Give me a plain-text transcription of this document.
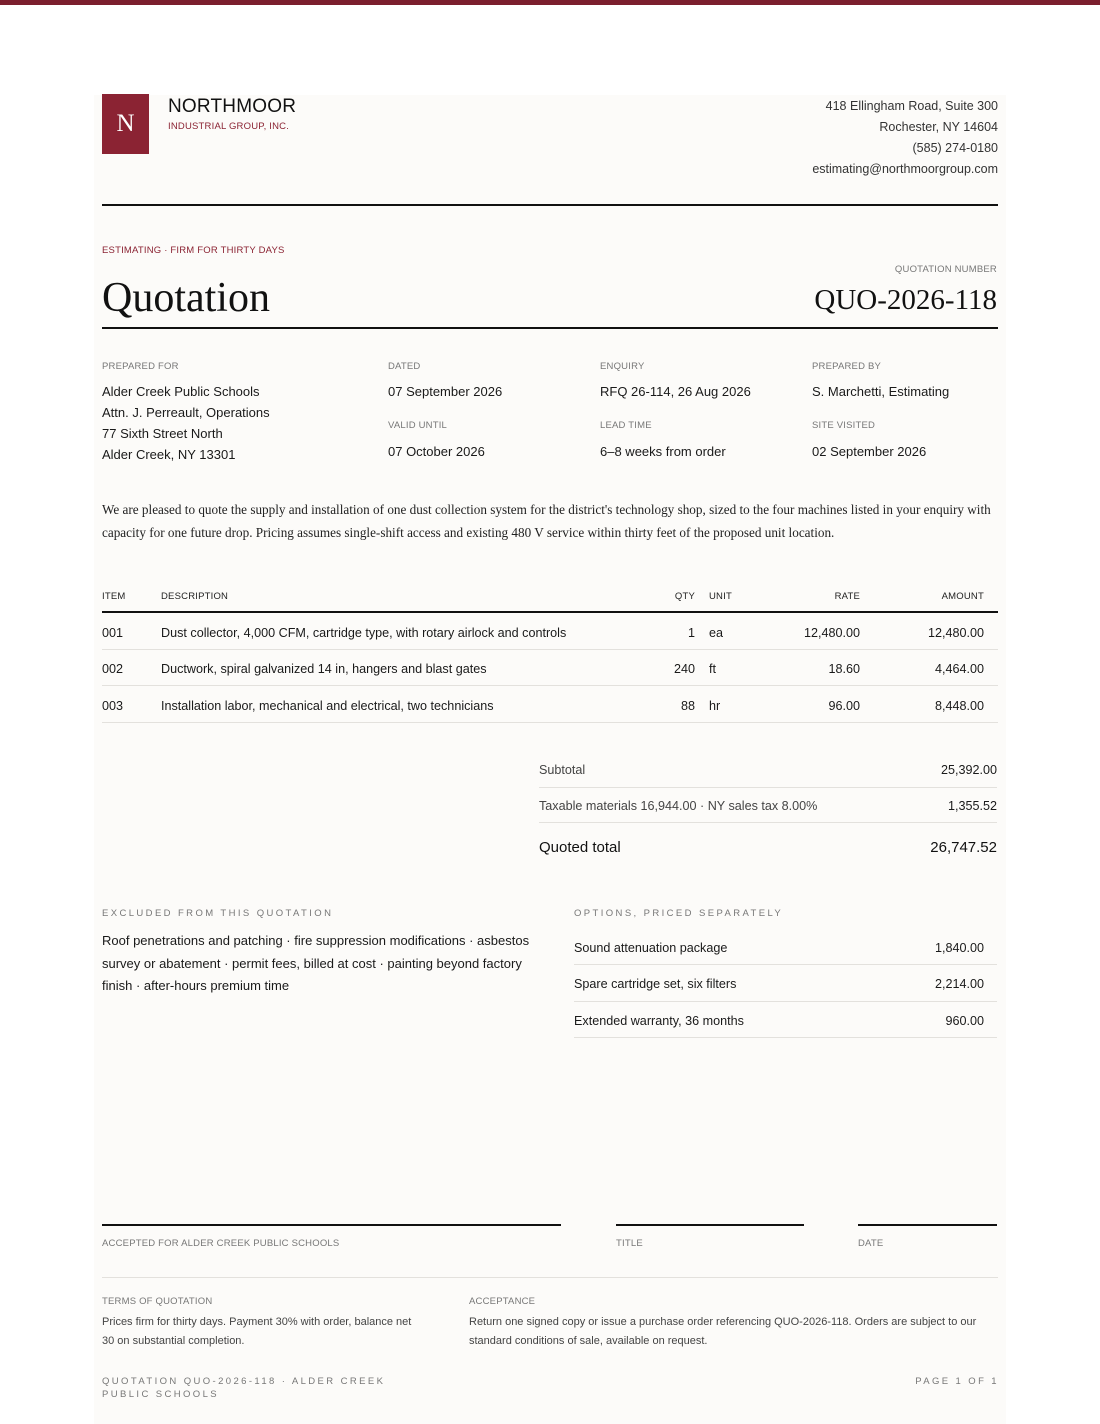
N
NORTHMOOR
INDUSTRIAL GROUP, INC.
418 Ellingham Road, Suite 300
Rochester, NY 14604
(585) 274-0180
estimating@northmoorgroup.com
ESTIMATING · FIRM FOR THIRTY DAYS
QUOTATION NUMBER
Quotation	QUO-2026-118
PREPARED FOR
Alder Creek Public Schools
Attn. J. Perreault, Operations
77 Sixth Street North
Alder Creek, NY 13301
DATED
07 September 2026
VALID UNTIL
07 October 2026
ENQUIRY
RFQ 26-114, 26 Aug 2026
LEAD TIME
6–8 weeks from order
PREPARED BY
S. Marchetti, Estimating
SITE VISITED
02 September 2026
We are pleased to quote the supply and installation of one dust collection system for the district's technology shop, sized to the four machines listed in your enquiry with capacity for one future drop. Pricing assumes single-shift access and existing 480 V service within thirty feet of the proposed unit location.
ITEM	DESCRIPTION	QTY UNIT	RATE	AMOUNT
001	Dust collector, 4,000 CFM, cartridge type, with rotary airlock and controls	1 ea	12,480.00	12,480.00
002	Ductwork, spiral galvanized 14 in, hangers and blast gates	240 ft	18.60	4,464.00
003	Installation labor, mechanical and electrical, two technicians	88 hr	96.00	8,448.00
Subtotal	25,392.00
Taxable materials 16,944.00 · NY sales tax 8.00%	1,355.52
Quoted total	26,747.52
EXCLUDED FROM THIS QUOTATION
Roof penetrations and patching · fire suppression modifications · asbestos
survey or abatement · permit fees, billed at cost · painting beyond factory
finish · after-hours premium time
OPTIONS, PRICED SEPARATELY
Sound attenuation package	1,840.00
Spare cartridge set, six filters	2,214.00
Extended warranty, 36 months	960.00
ACCEPTED FOR ALDER CREEK PUBLIC SCHOOLS	TITLE	DATE
TERMS OF QUOTATION
Prices firm for thirty days. Payment 30% with order, balance net
30 on substantial completion.
ACCEPTANCE
Return one signed copy or issue a purchase order referencing QUO-2026-118. Orders are subject to our
standard conditions of sale, available on request.
QUOTATION QUO-2026-118 · ALDER CREEK
PUBLIC SCHOOLS
PAGE 1 OF 1
